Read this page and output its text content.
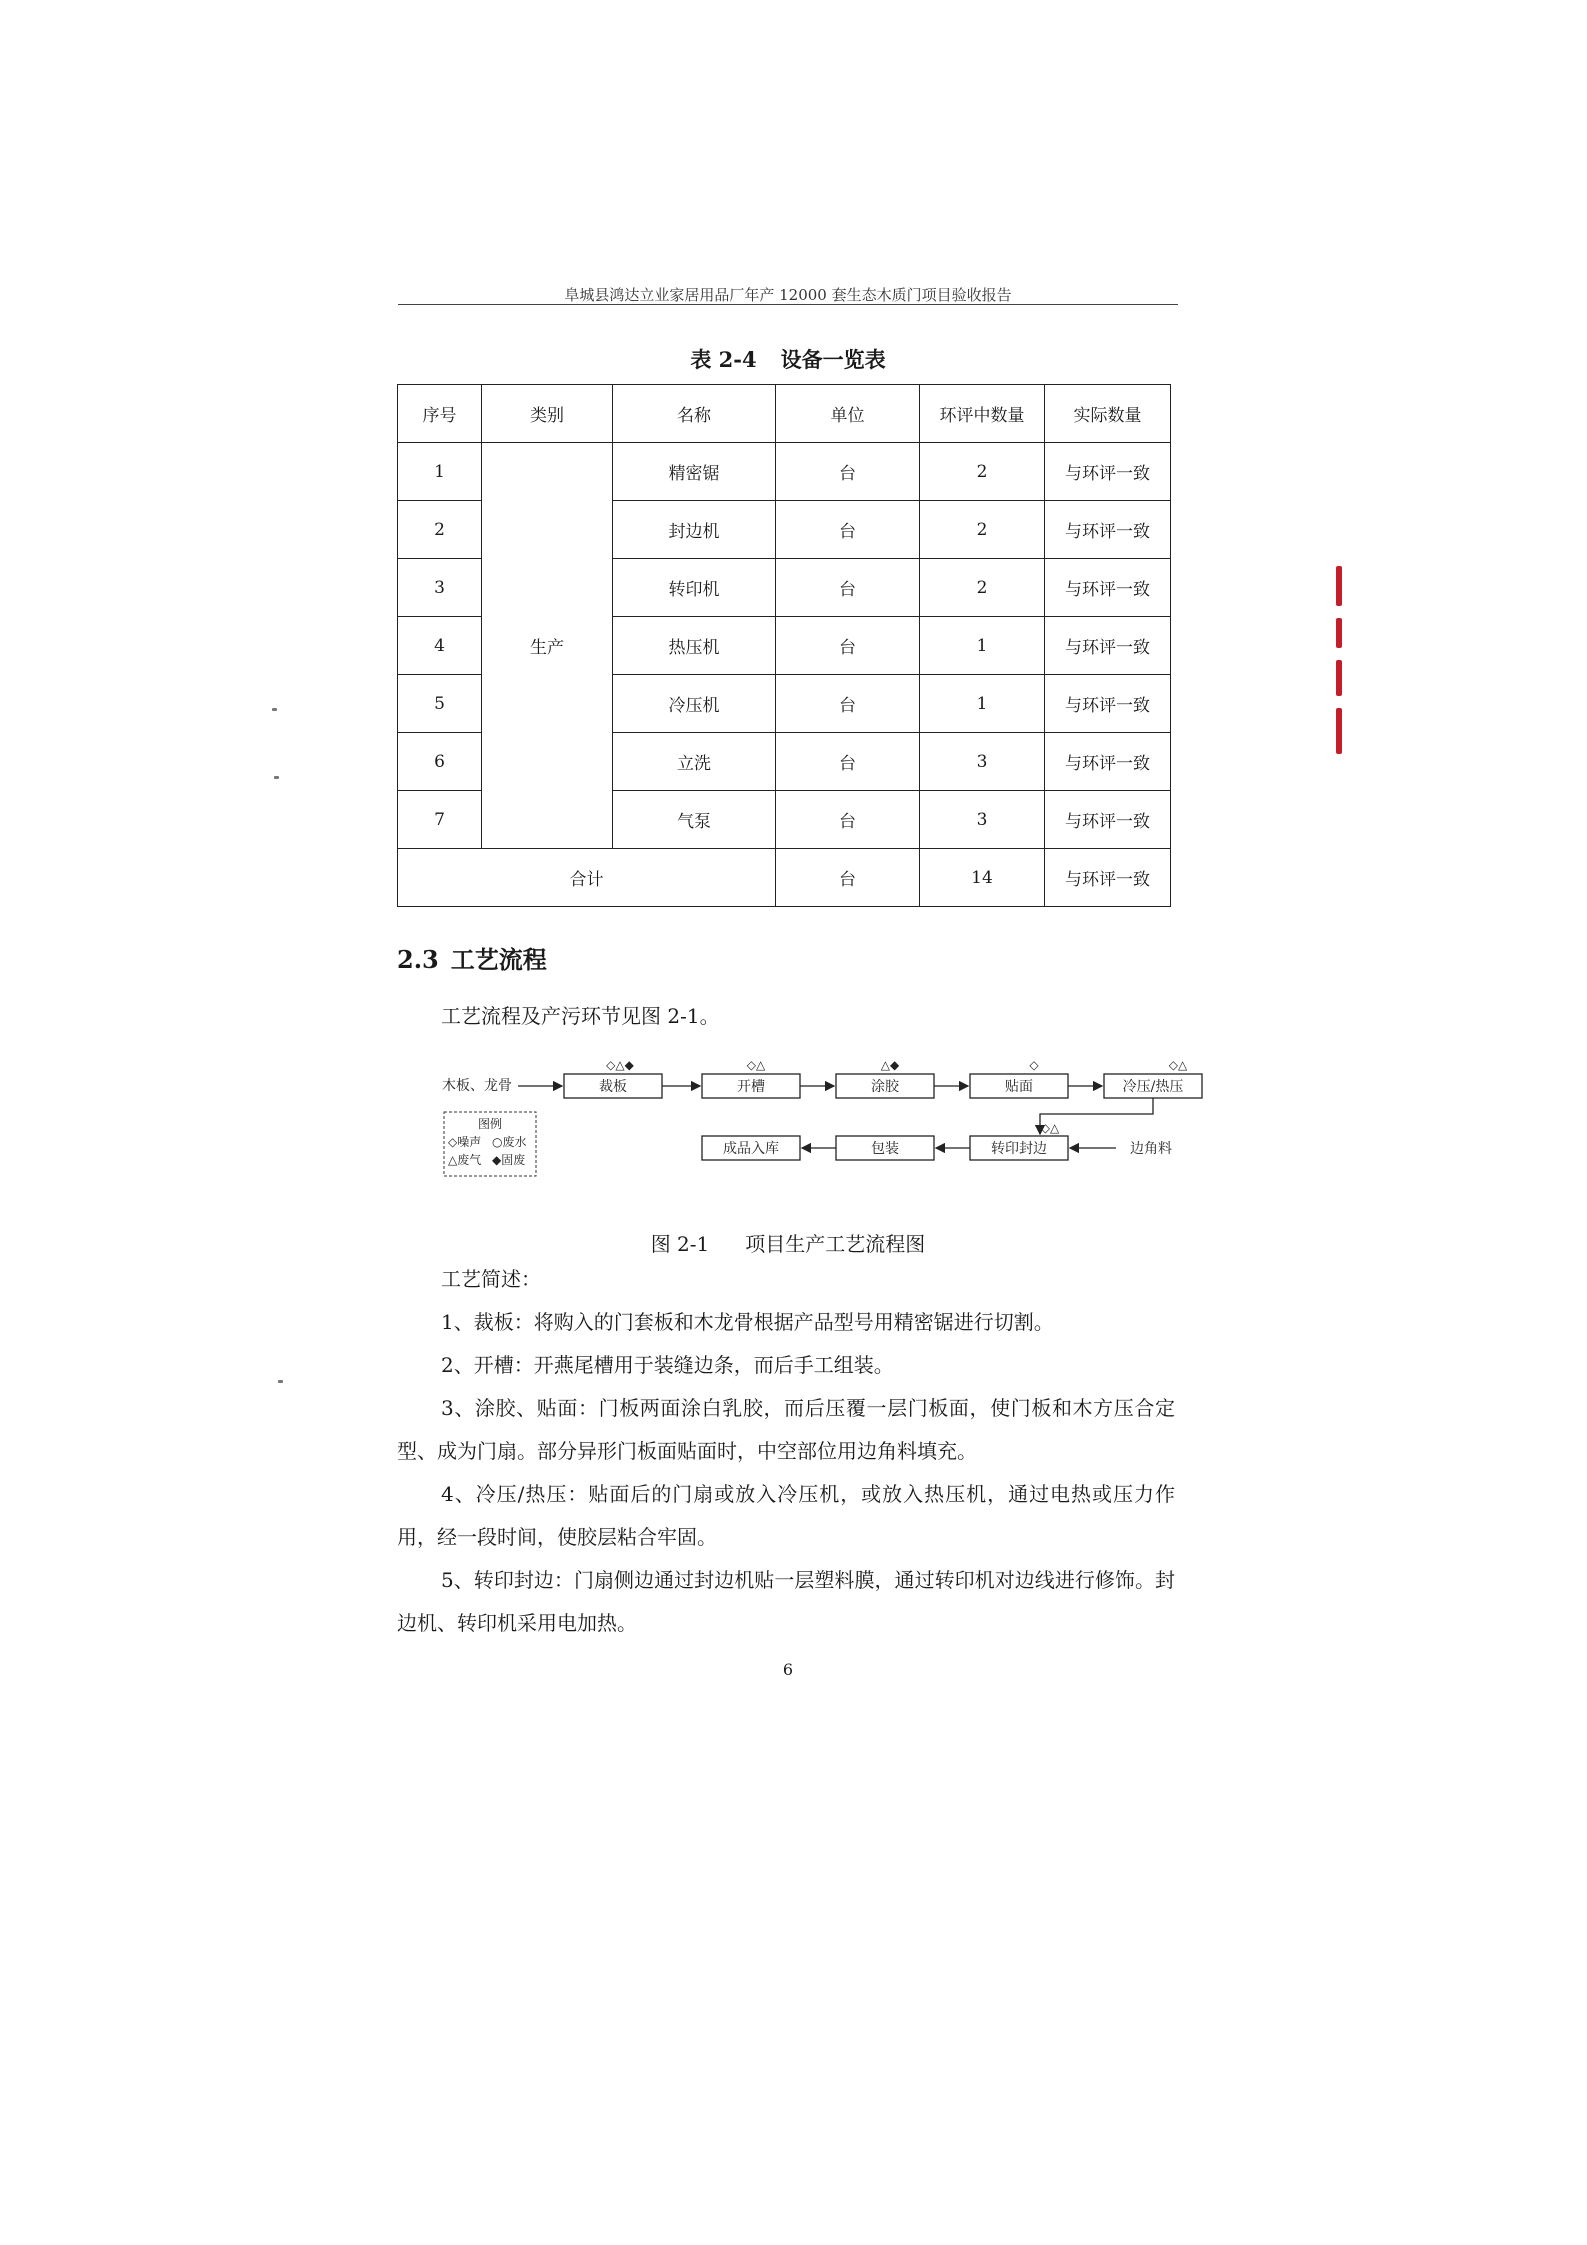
阜城县鸿达立业家居用品厂年产 12000 套生态木质门项目验收报告
表 2-4 设备一览表
序号	类别	名称	单位	环评中数量	实际数量
1	生产	精密锯	台	2	与环评一致
2		封边机	台	2	与环评一致
3		转印机	台	2	与环评一致
4		热压机	台	1	与环评一致
5		冷压机	台	1	与环评一致
6		立洗	台	3	与环评一致
7		气泵	台	3	与环评一致
合计			台	14	与环评一致
2.3 工艺流程
工艺流程及产污环节见图 2-1。
木板、龙骨
◇△◆
裁板
◇△
开槽
△◆
涂胶
◇
贴面
◇△
冷压/热压
◇△
转印封边	边角料
包装
成品入库
图例
◇噪声 ○废水
△废气 ◆固废
图 2-1 项目生产工艺流程图
工艺简述：
1、裁板：将购入的门套板和木龙骨根据产品型号用精密锯进行切割。
2、开槽：开燕尾槽用于装缝边条，而后手工组装。
3、涂胶、贴面：门板两面涂白乳胶，而后压覆一层门板面，使门板和木方压合定型、成为门扇。部分异形门板面贴面时，中空部位用边角料填充。
4、冷压/热压：贴面后的门扇或放入冷压机，或放入热压机，通过电热或压力作用，经一段时间，使胶层粘合牢固。
5、转印封边：门扇侧边通过封边机贴一层塑料膜，通过转印机对边线进行修饰。封边机、转印机采用电加热。
6
